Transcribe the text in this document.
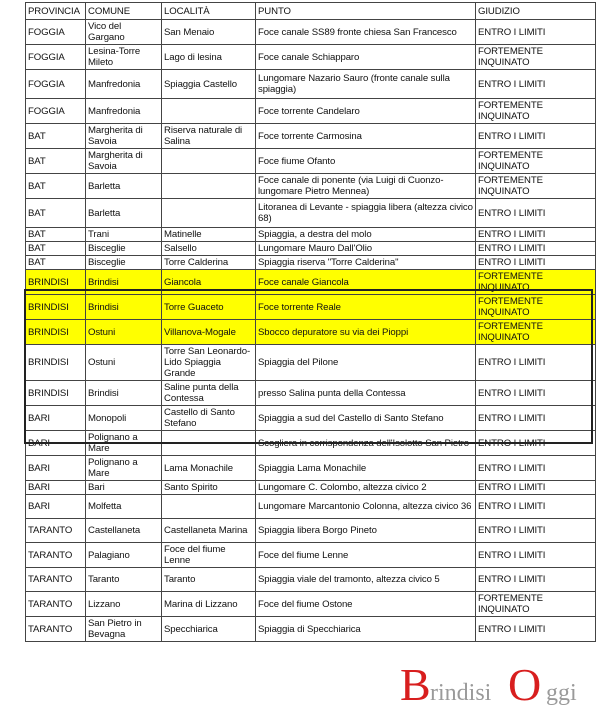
PROVINCIA	COMUNE	LOCALITÀ	PUNTO	GIUDIZIO
FOGGIA	Vico del Gargano	San Menaio	Foce canale SS89 fronte chiesa San Francesco	ENTRO I LIMITI
FOGGIA	Lesina-Torre Mileto	Lago di lesina	Foce canale Schiapparo	FORTEMENTE INQUINATO
FOGGIA	Manfredonia	Spiaggia Castello	Lungomare Nazario Sauro (fronte canale sulla spiaggia)	ENTRO I LIMITI
FOGGIA	Manfredonia		Foce torrente Candelaro	FORTEMENTE INQUINATO
BAT	Margherita di Savoia	Riserva naturale di Salina	Foce torrente Carmosina	ENTRO I LIMITI
BAT	Margherita di Savoia		Foce fiume Ofanto	FORTEMENTE INQUINATO
BAT	Barletta		Foce canale di ponente (via Luigi di Cuonzo-lungomare Pietro Mennea)	FORTEMENTE INQUINATO
BAT	Barletta		Litoranea di Levante - spiaggia libera (altezza civico 68)	ENTRO I LIMITI
BAT	Trani	Matinelle	Spiaggia, a destra del molo	ENTRO I LIMITI
BAT	Bisceglie	Salsello	Lungomare Mauro Dall'Olio	ENTRO I LIMITI
BAT	Bisceglie	Torre Calderina	Spiaggia riserva "Torre Calderina"	ENTRO I LIMITI
BRINDISI	Brindisi	Giancola	Foce canale Giancola	FORTEMENTE INQUINATO
BRINDISI	Brindisi	Torre Guaceto	Foce torrente Reale	FORTEMENTE INQUINATO
BRINDISI	Ostuni	Villanova-Mogale	Sbocco depuratore su via dei Pioppi	FORTEMENTE INQUINATO
BRINDISI	Ostuni	Torre San Leonardo- Lido Spiaggia Grande	Spiaggia del Pilone	ENTRO I LIMITI
BRINDISI	Brindisi	Saline punta della Contessa	presso Salina punta della Contessa	ENTRO I LIMITI
BARI	Monopoli	Castello di Santo Stefano	Spiaggia a sud del Castello di Santo Stefano	ENTRO I LIMITI
BARI	Polignano a Mare		Scogliera in corrispondenza dell'Isolotto San Pietro	ENTRO I LIMITI
BARI	Polignano a Mare	Lama Monachile	Spiaggia Lama Monachile	ENTRO I LIMITI
BARI	Bari	Santo Spirito	Lungomare C. Colombo, altezza civico 2	ENTRO I LIMITI
BARI	Molfetta		Lungomare Marcantonio Colonna, altezza civico 36	ENTRO I LIMITI
TARANTO	Castellaneta	Castellaneta Marina	Spiaggia libera Borgo Pineto	ENTRO I LIMITI
TARANTO	Palagiano	Foce del fiume Lenne	Foce del fiume Lenne	ENTRO I LIMITI
TARANTO	Taranto	Taranto	Spiaggia viale del tramonto, altezza civico 5	ENTRO I LIMITI
TARANTO	Lizzano	Marina di Lizzano	Foce del fiume Ostone	FORTEMENTE INQUINATO
TARANTO	San Pietro in Bevagna	Specchiarica	Spiaggia di Specchiarica	ENTRO I LIMITI
B rindisi O ggi
